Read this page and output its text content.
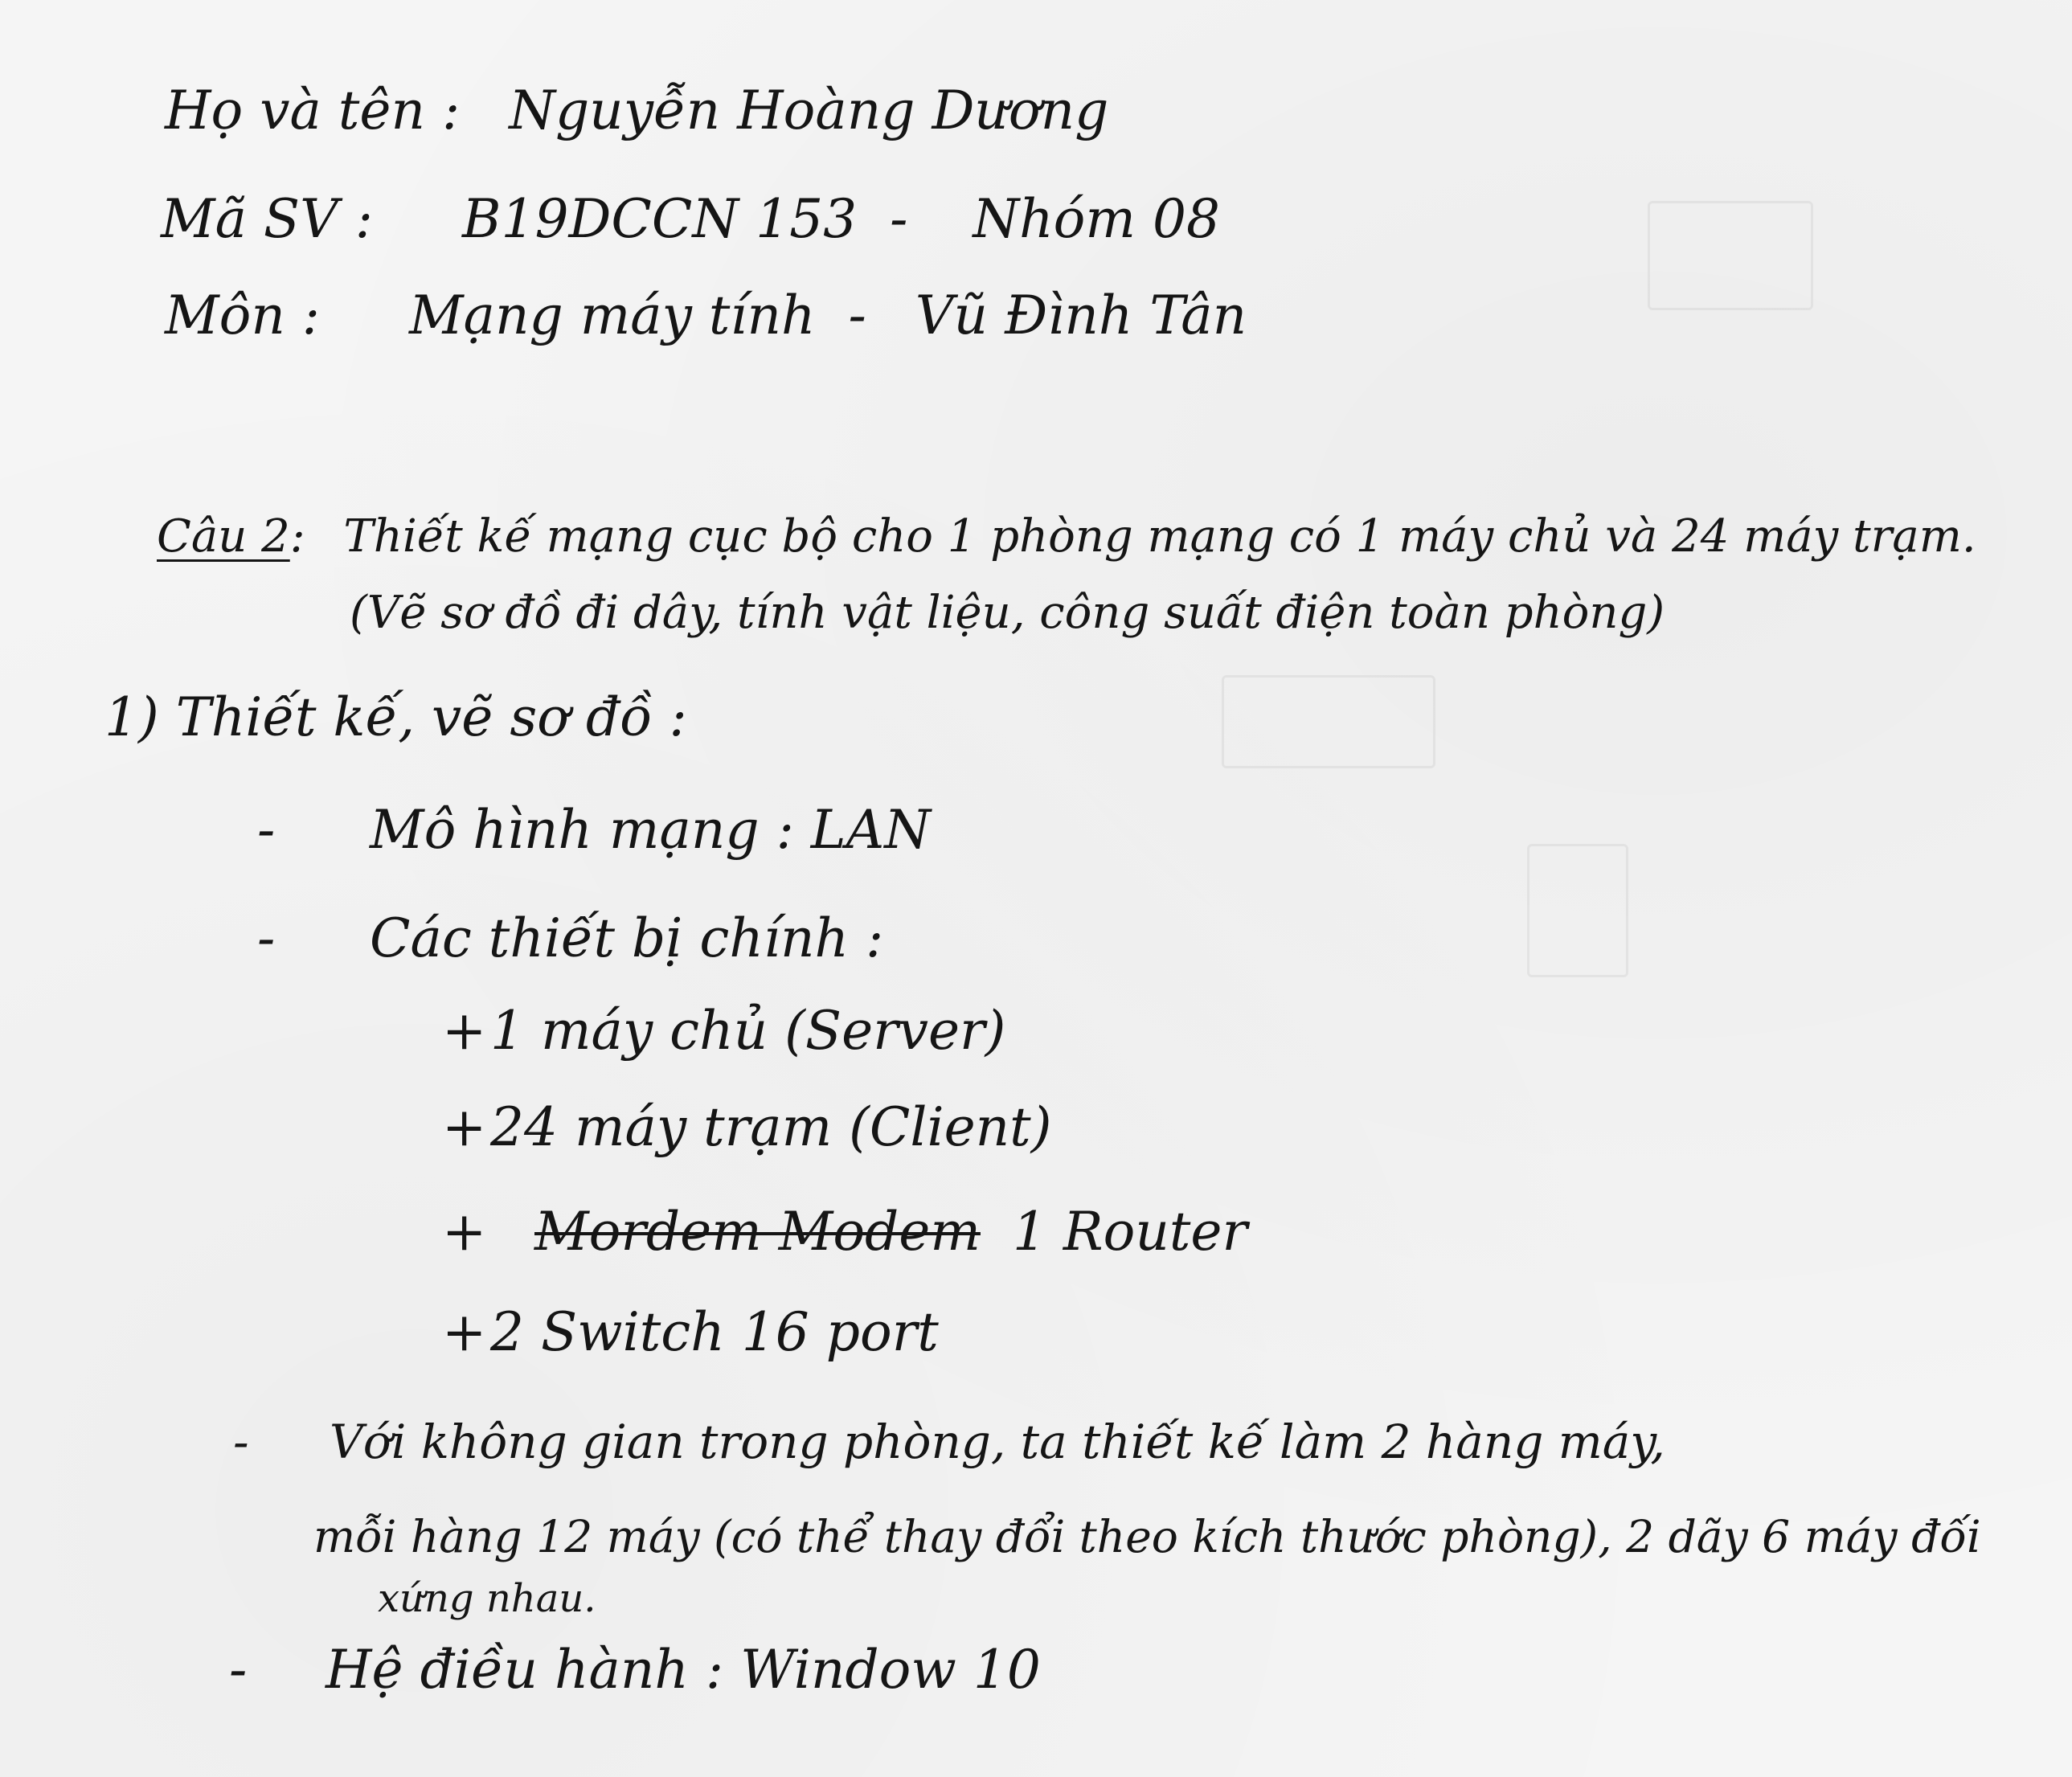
Họ và tên : Nguyễn Hoàng Dương
Mã SV : B19DCCN 153 - Nhóm 08
Môn : Mạng máy tính - Vũ Đình Tân
Câu 2: Thiết kế mạng cục bộ cho 1 phòng mạng có 1 máy chủ và 24 máy trạm.
(Vẽ sơ đồ đi dây, tính vật liệu, công suất điện toàn phòng)
1) Thiết kế, vẽ sơ đồ :
- Mô hình mạng : LAN
- Các thiết bị chính :
+1 máy chủ (Server)
+24 máy trạm (Client)
+ Mordem Modem 1 Router
+2 Switch 16 port
- Với không gian trong phòng, ta thiết kế làm 2 hàng máy,
mỗi hàng 12 máy (có thể thay đổi theo kích thước phòng), 2 dãy 6 máy đối
xứng nhau.
- Hệ điều hành : Window 10
